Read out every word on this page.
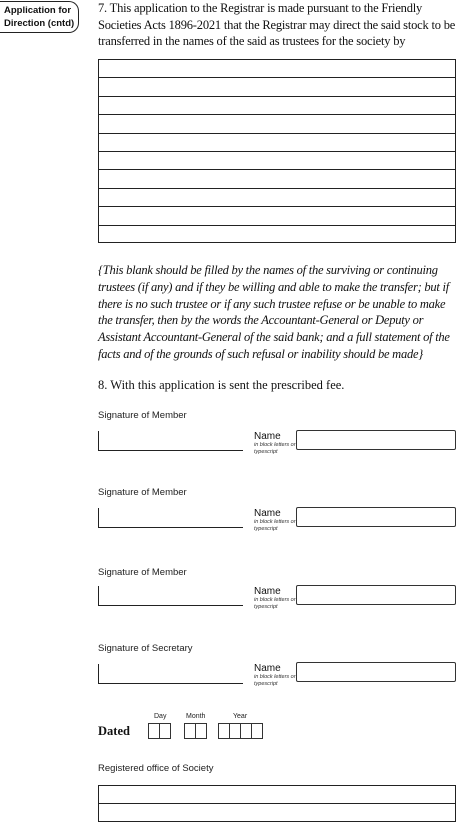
Application for
Direction (cntd)
7. This application to the Registrar is made pursuant to the Friendly Societies Acts 1896-2021 that the Registrar may direct the said stock to be transferred in the names of the said as trustees for the society by
{This blank should be filled by the names of the surviving or continuing trustees (if any) and if they be willing and able to make the transfer; but if there is no such trustee or if any such trustee refuse or be unable to make the transfer, then by the words the Accountant-General or Deputy or Assistant Accountant-General of the said bank; and a full statement of the facts and of the grounds of such refusal or inability should be made}
8. With this application is sent the prescribed fee.
Signature of Member
Name
in block letters or typescript
Signature of Member
Name
in block letters or typescript
Signature of Member
Name
in block letters or typescript
Signature of Secretary
Name
in block letters or typescript
Dated
Day	Month	Year
Registered office of Society
